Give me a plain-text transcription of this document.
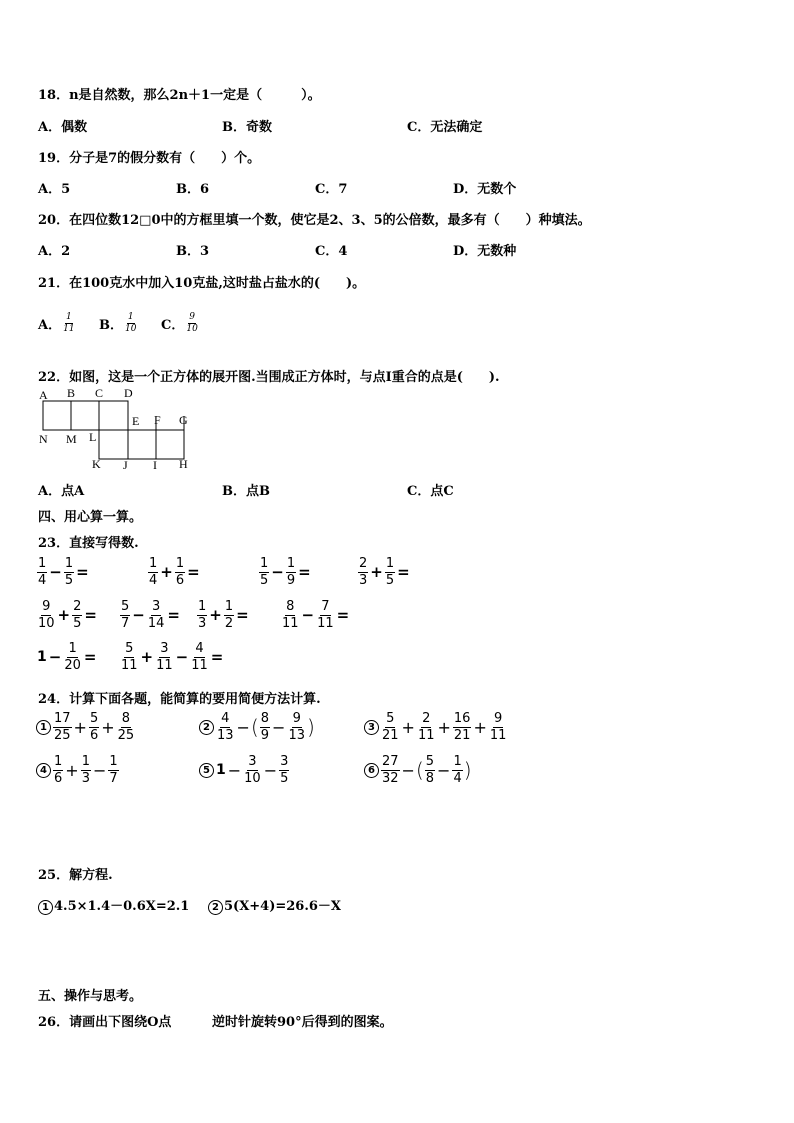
18．n是自然数，那么2n＋1一定是（　　　）。
A．偶数	B．奇数	C．无法确定
19．分子是7的假分数有（　　）个。
A．5	B．6	C．7	D．无数个
20．在四位数12□0中的方框里填一个数，使它是2、3、5的公倍数，最多有（　　）种填法。
A．2	B．3	C．4	D．无数种
21．在100克水中加入10克盐,这时盐占盐水的(　　)。
A． $\frac{1}{11}$ B． $\frac{1}{10}$ C． $\frac{9}{10}$
22．如图，这是一个正方体的展开图.当围成正方体时，与点I重合的点是(　　).
A B C D
E F G
N M L
K J I H
A．点A	B．点B	C．点C
四、用心算一算。
23．直接写得数.
$\frac{1}{4} - \frac{1}{5}$ =	$\frac{1}{4} + \frac{1}{6}$ =	$\frac{1}{5} - \frac{1}{9}$ =	$\frac{2}{3} + \frac{1}{5}$ =
$\frac{9}{10} + \frac{2}{5} = \frac{5}{7} - \frac{3}{14} = \frac{1}{3} + \frac{1}{2} = \frac{8}{11} - \frac{7}{11}$ =
$1 - \frac{1}{20} = \frac{5}{11} + \frac{3}{11} - \frac{4}{11}$ =
24．计算下面各题，能简算的要用简便方法计算.
$1 \frac{17}{25} + \frac{5}{6} + \frac{8}{25}$	$2 \frac{4}{13}$ − ( $\frac{8}{9} - \frac{9}{13}$ )	$3 \frac{5}{21} + \frac{2}{11} + \frac{16}{21} + \frac{9}{11}$
$4 \frac{1}{6} + \frac{1}{3} - \frac{1}{7}$	5 $1 - \frac{3}{10} - \frac{3}{5}$	$6 \frac{27}{32}$ − ( $\frac{5}{8} - \frac{1}{4}$ )
25．解方程.
1 4.5×1.4－0.6X=2.1	2 5(X+4)=26.6－X
五、操作与思考。
26．请画出下图绕O点	逆时针旋转90°后得到的图案。
